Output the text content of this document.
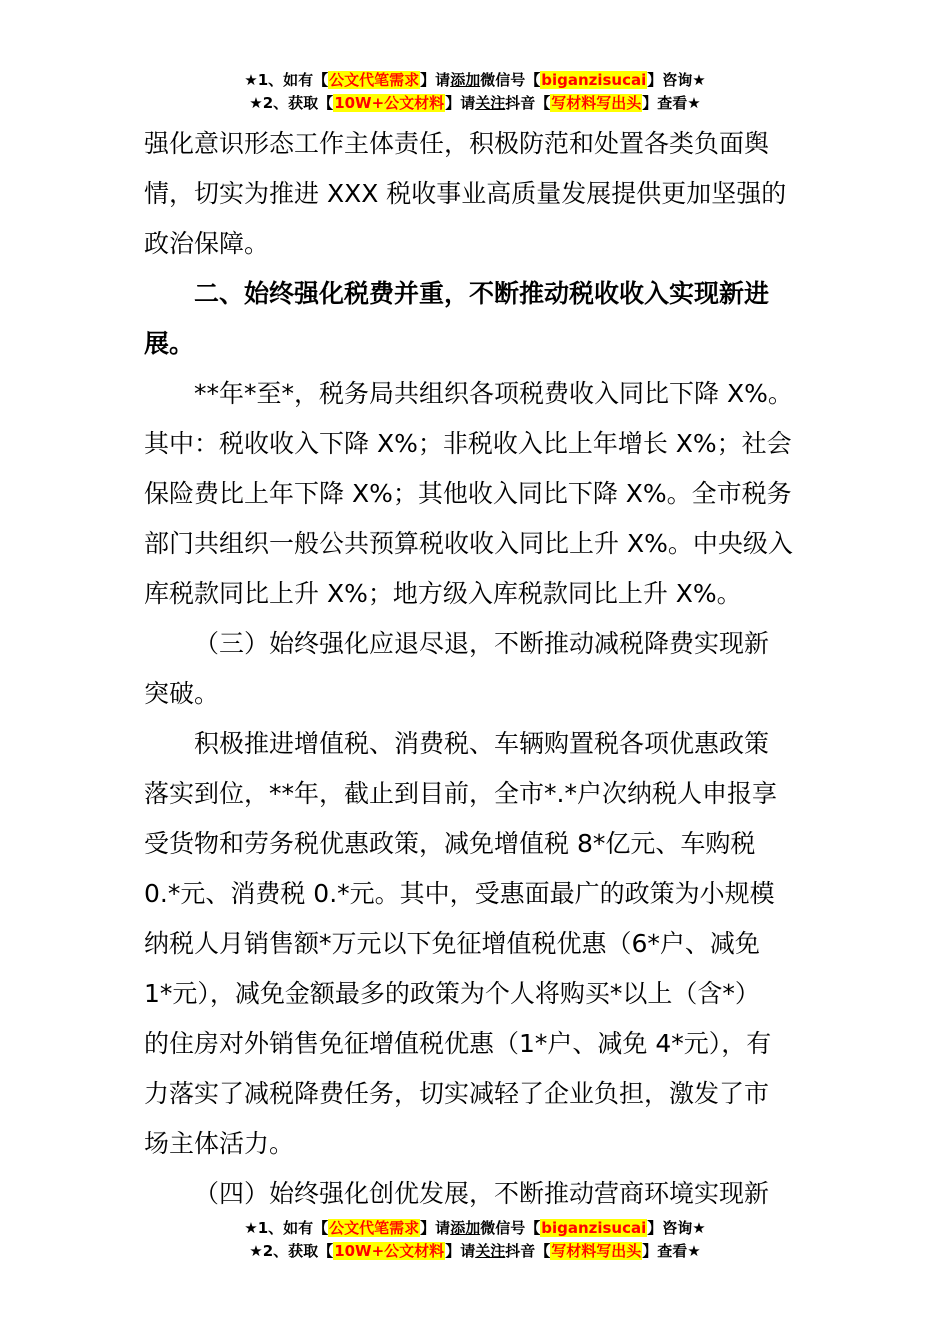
★1、如有【公文代笔需求】请添加微信号【biganzisucai】咨询★
★2、获取【10W+公文材料】请关注抖音【写材料写出头】查看★

强化意识形态工作主体责任，积极防范和处置各类负面舆
情，切实为推进 XXX 税收事业高质量发展提供更加坚强的
政治保障。

二、始终强化税费并重，不断推动税收收入实现新进
展。

**年*至*，税务局共组织各项税费收入同比下降 X%。
其中：税收收入下降 X%；非税收入比上年增长 X%；社会
保险费比上年下降 X%；其他收入同比下降 X%。全市税务
部门共组织一般公共预算税收收入同比上升 X%。中央级入
库税款同比上升 X%；地方级入库税款同比上升 X%。

（三）始终强化应退尽退，不断推动减税降费实现新
突破。

积极推进增值税、消费税、车辆购置税各项优惠政策
落实到位，**年，截止到目前，全市*.*户次纳税人申报享
受货物和劳务税优惠政策，减免增值税 8*亿元、车购税
0.*元、消费税 0.*元。其中，受惠面最广的政策为小规模
纳税人月销售额*万元以下免征增值税优惠（6*户、减免
1*元），减免金额最多的政策为个人将购买*以上（含*）
的住房对外销售免征增值税优惠（1*户、减免 4*元），有
力落实了减税降费任务，切实减轻了企业负担，激发了市
场主体活力。

（四）始终强化创优发展，不断推动营商环境实现新

★1、如有【公文代笔需求】请添加微信号【biganzisucai】咨询★
★2、获取【10W+公文材料】请关注抖音【写材料写出头】查看★
